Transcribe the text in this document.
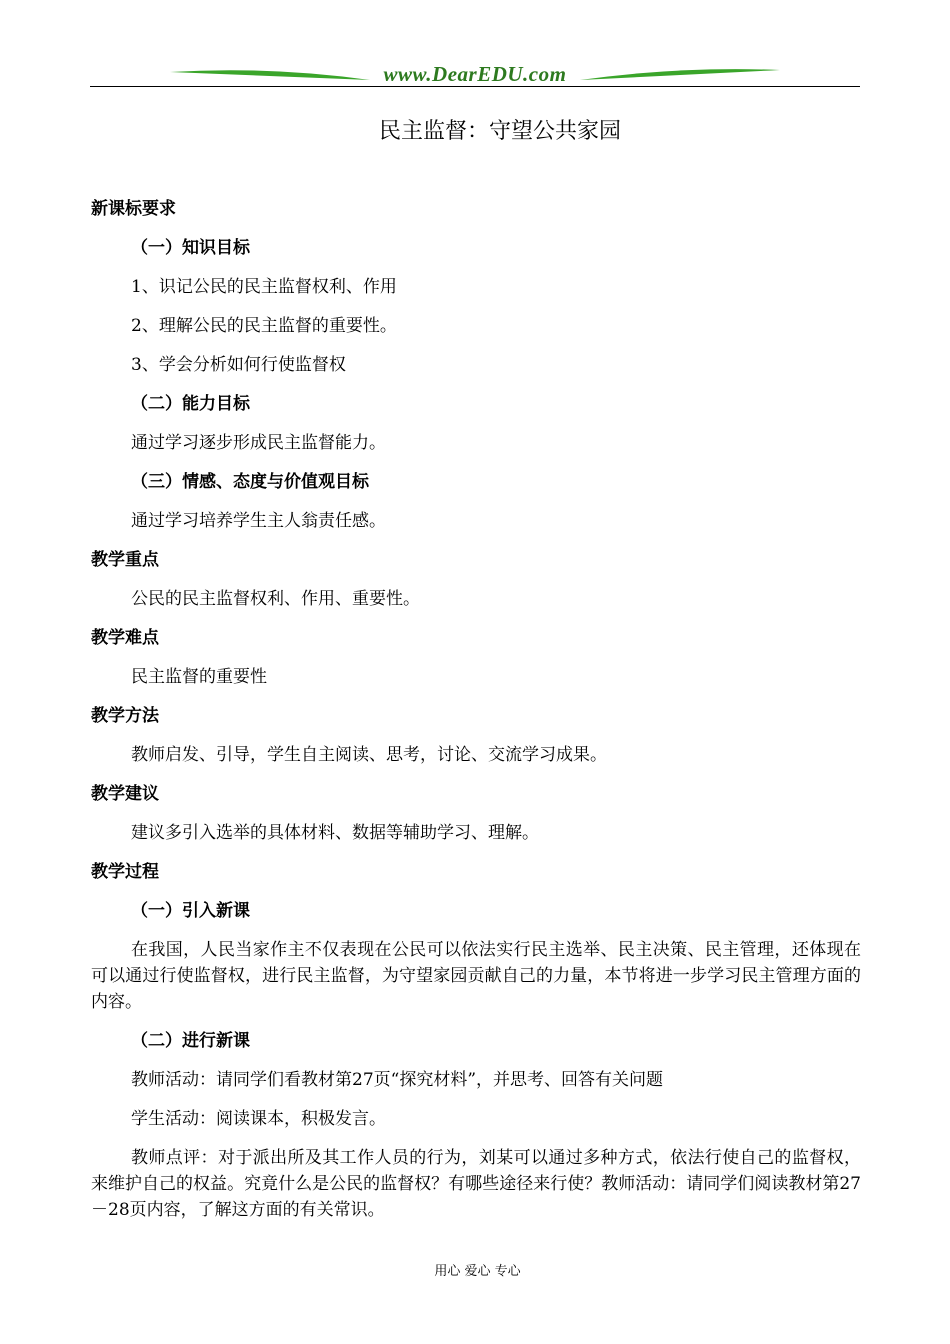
www.DearEDU.com
民主监督：守望公共家园
新课标要求
（一）知识目标
1、识记公民的民主监督权利、作用
2、理解公民的民主监督的重要性。
3、学会分析如何行使监督权
（二）能力目标
通过学习逐步形成民主监督能力。
（三）情感、态度与价值观目标
通过学习培养学生主人翁责任感。
教学重点
公民的民主监督权利、作用、重要性。
教学难点
民主监督的重要性
教学方法
教师启发、引导，学生自主阅读、思考，讨论、交流学习成果。
教学建议
建议多引入选举的具体材料、数据等辅助学习、理解。
教学过程
（一）引入新课
在我国，人民当家作主不仅表现在公民可以依法实行民主选举、民主决策、民主管理，还体现在可以通过行使监督权，进行民主监督，为守望家园贡献自己的力量，本节将进一步学习民主管理方面的内容。
（二）进行新课
教师活动：请同学们看教材第27页“探究材料”，并思考、回答有关问题
学生活动：阅读课本，积极发言。
教师点评：对于派出所及其工作人员的行为，刘某可以通过多种方式，依法行使自己的监督权，来维护自己的权益。究竟什么是公民的监督权？有哪些途径来行使？教师活动：请同学们阅读教材第27－28页内容，了解这方面的有关常识。
用心 爱心 专心
